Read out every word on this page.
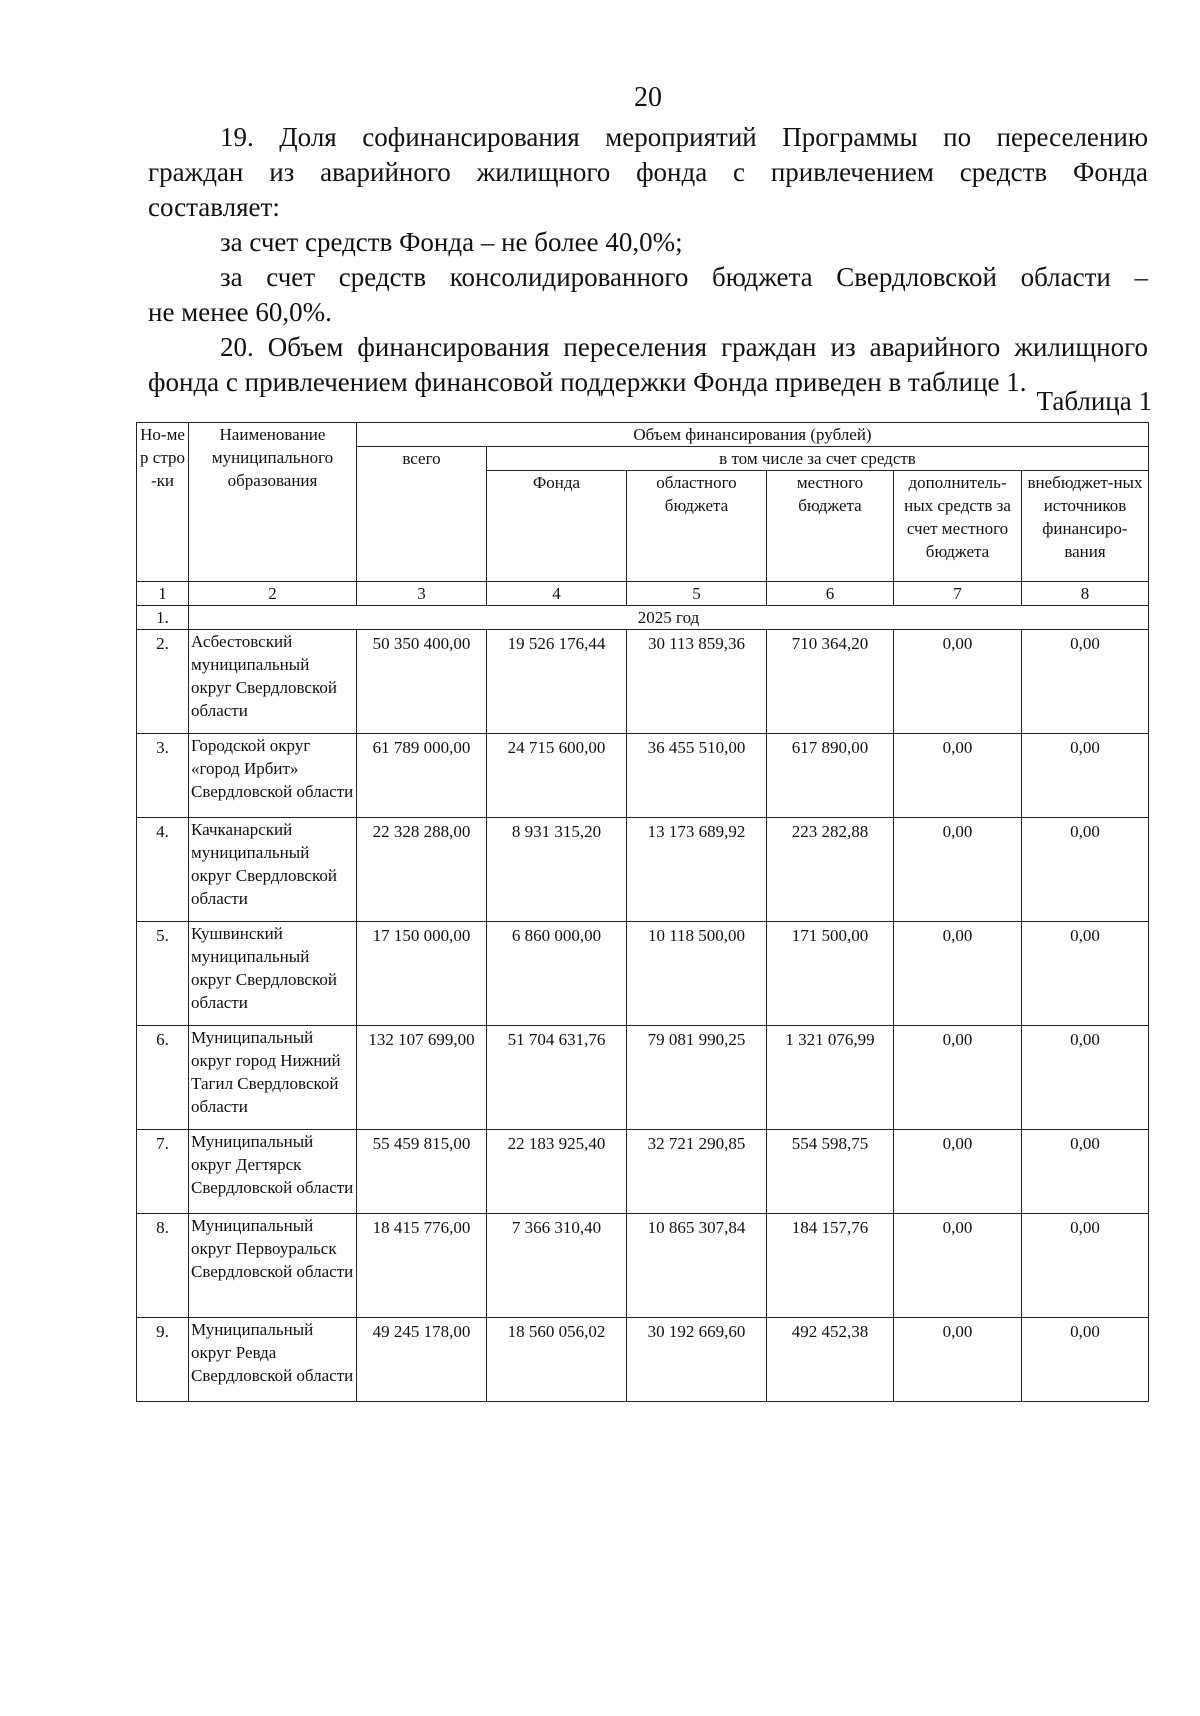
20
19. Доля софинансирования мероприятий Программы по переселению
граждан из аварийного жилищного фонда с привлечением средств Фонда
составляет:
за счет средств Фонда – не более 40,0%;
за счет средств консолидированного бюджета Свердловской области –
не менее 60,0%.
20. Объем финансирования переселения граждан из аварийного жилищного
фонда с привлечением финансовой поддержки Фонда приведен в таблице 1.
Таблица 1
Но-мер стро-ки	Наименование муниципального образования	Объем финансирования (рублей)					
		всего	в том числе за счет средств				
			Фонда	областного бюджета	местного бюджета	дополнитель-ных средств за счет местного бюджета	внебюджет-ных источников финансиро-вания
1	2	3	4	5	6	7	8
1.	2025 год						
2.	Асбестовский муниципальный округ Свердловской области	50 350 400,00	19 526 176,44	30 113 859,36	710 364,20	0,00	0,00
3.	Городской округ «город Ирбит» Свердловской области	61 789 000,00	24 715 600,00	36 455 510,00	617 890,00	0,00	0,00
4.	Качканарский муниципальный округ Свердловской области	22 328 288,00	8 931 315,20	13 173 689,92	223 282,88	0,00	0,00
5.	Кушвинский муниципальный округ Свердловской области	17 150 000,00	6 860 000,00	10 118 500,00	171 500,00	0,00	0,00
6.	Муниципальный округ город Нижний Тагил Свердловской области	132 107 699,00	51 704 631,76	79 081 990,25	1 321 076,99	0,00	0,00
7.	Муниципальный округ Дегтярск Свердловской области	55 459 815,00	22 183 925,40	32 721 290,85	554 598,75	0,00	0,00
8.	Муниципальный округ Первоуральск Свердловской области	18 415 776,00	7 366 310,40	10 865 307,84	184 157,76	0,00	0,00
9.	Муниципальный округ Ревда Свердловской области	49 245 178,00	18 560 056,02	30 192 669,60	492 452,38	0,00	0,00
